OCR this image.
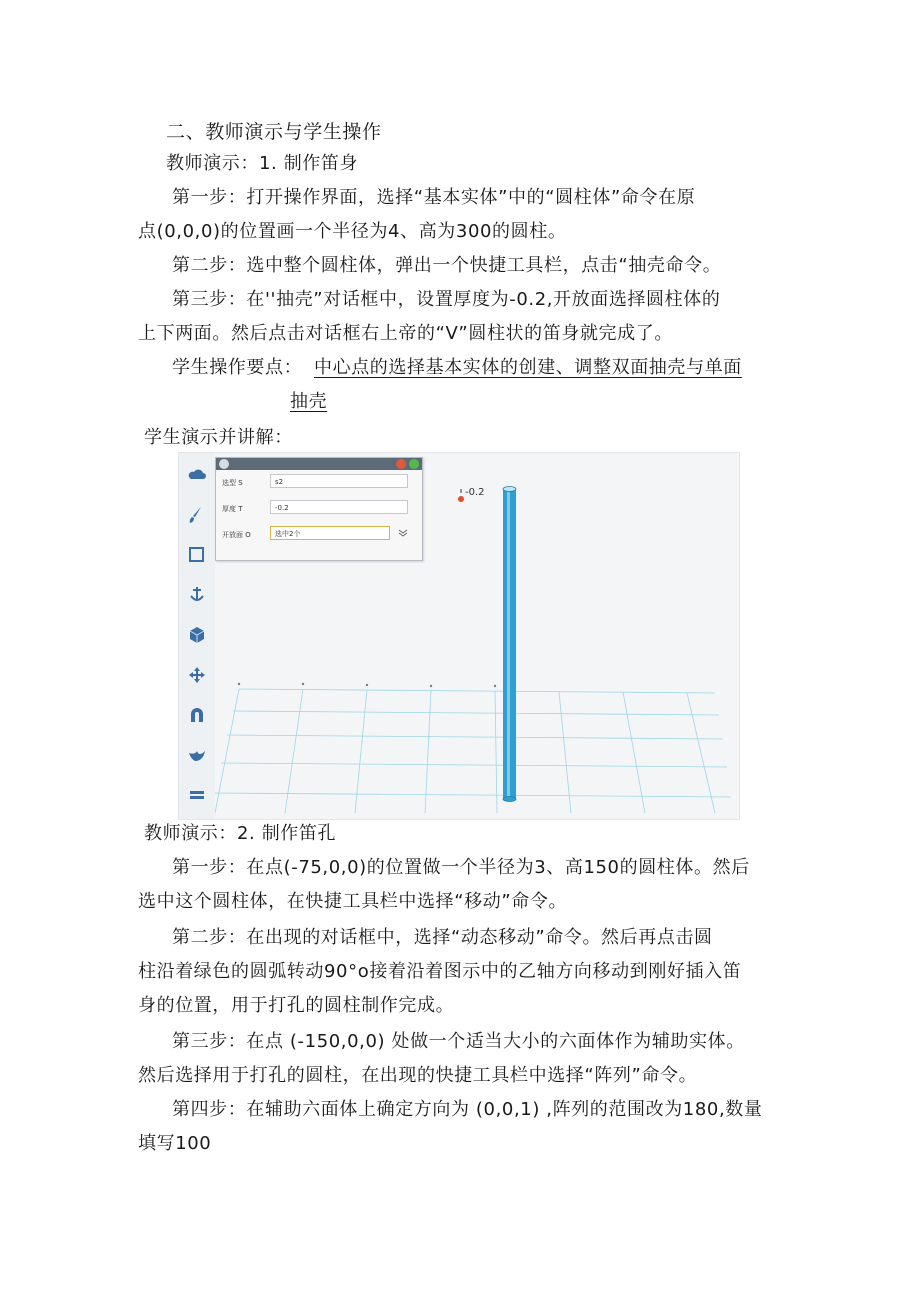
二、教师演示与学生操作
教师演示：1. 制作笛身
第一步：打开操作界面，选择“基本实体”中的“圆柱体”命令在原
点(0,0,0)的位置画一个半径为4、高为300的圆柱。
第二步：选中整个圆柱体，弹出一个快捷工具栏，点击“抽壳命令。
第三步：在''抽壳”对话框中，设置厚度为-0.2,开放面选择圆柱体的
上下两面。然后点击对话框右上帝的“V”圆柱状的笛身就完成了。
学生操作要点： 中心点的选择基本实体的创建、调整双面抽壳与单面
抽壳
学生演示并讲解：
-0.2
选型 S	s2
厚度 T	-0.2
开放面 O	选中2个
教师演示：2. 制作笛孔
第一步：在点(-75,0,0)的位置做一个半径为3、高150的圆柱体。然后
选中这个圆柱体，在快捷工具栏中选择“移动”命令。
第二步：在出现的对话框中，选择“动态移动”命令。然后再点击圆
柱沿着绿色的圆弧转动90°o接着沿着图示中的乙轴方向移动到刚好插入笛
身的位置，用于打孔的圆柱制作完成。
第三步：在点 (-150,0,0) 处做一个适当大小的六面体作为辅助实体。
然后选择用于打孔的圆柱，在出现的快捷工具栏中选择“阵列”命令。
第四步：在辅助六面体上确定方向为 (0,0,1) ,阵列的范围改为180,数量
填写100
